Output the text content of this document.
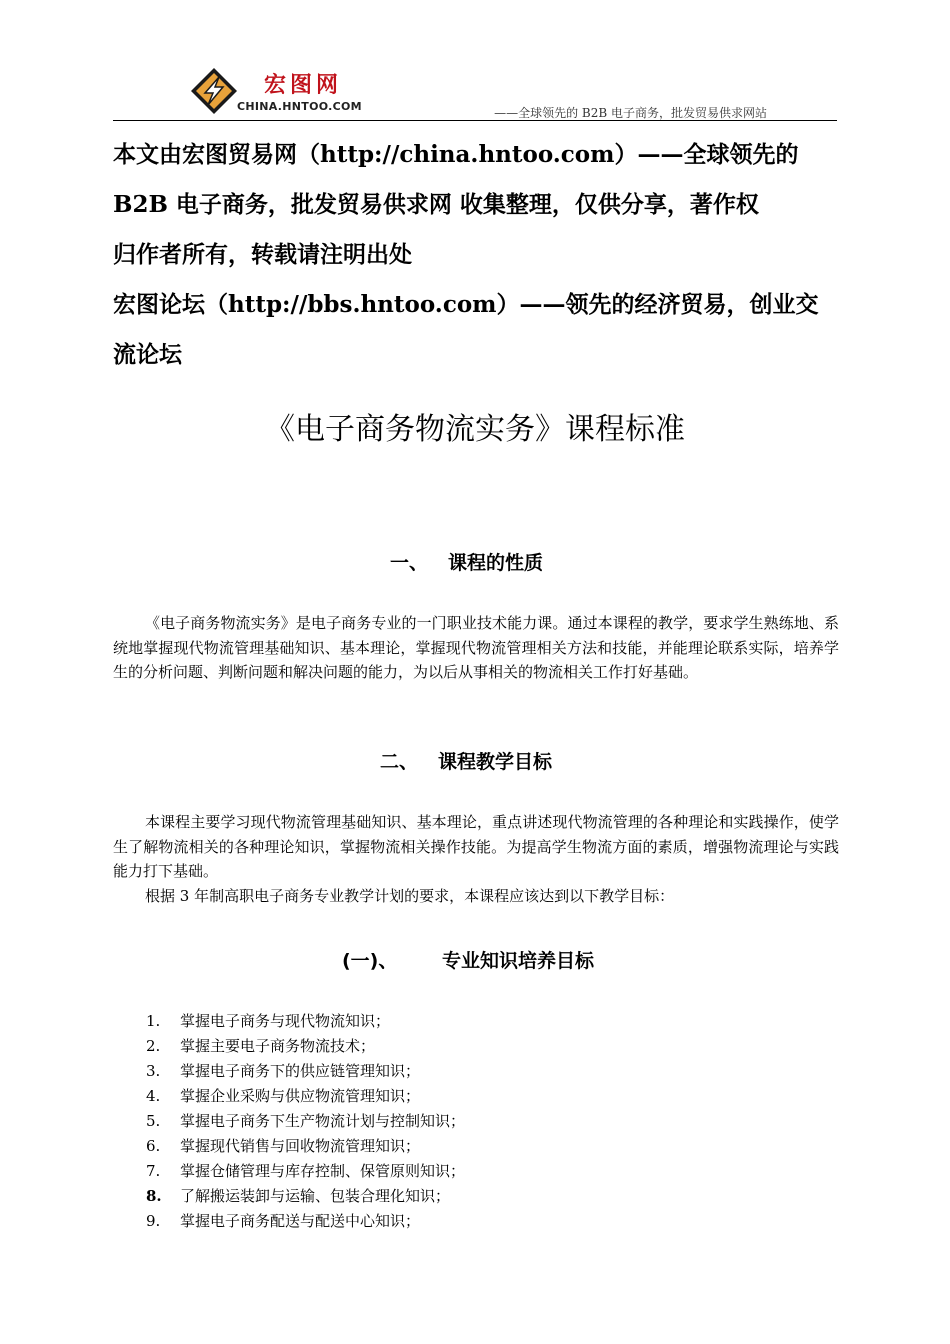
宏图网
CHINA.HNTOO.COM	——全球领先的 B2B 电子商务，批发贸易供求网站

本文由宏图贸易网（http://china.hntoo.com）——全球领先的

B2B 电子商务，批发贸易供求网 收集整理，仅供分享，著作权

归作者所有，转载请注明出处

宏图论坛（http://bbs.hntoo.com）——领先的经济贸易，创业交

流论坛

《电子商务物流实务》课程标准
一、 课程的性质
《电子商务物流实务》是电子商务专业的一门职业技术能力课。通过本课程的教学，要求学生熟练地、系统地掌握现代物流管理基础知识、基本理论，掌握现代物流管理相关方法和技能，并能理论联系实际，培养学生的分析问题、判断问题和解决问题的能力，为以后从事相关的物流相关工作打好基础。
二、 课程教学目标

本课程主要学习现代物流管理基础知识、基本理论，重点讲述现代物流管理的各种理论和实践操作，使学生了解物流相关的各种理论知识，掌握物流相关操作技能。为提高学生物流方面的素质，增强物流理论与实践能力打下基础。

根据 3 年制高职电子商务专业教学计划的要求，本课程应该达到以下教学目标：

(一)、 专业知识培养目标
1.	掌握电子商务与现代物流知识；
2.	掌握主要电子商务物流技术；
3.	掌握电子商务下的供应链管理知识；
4.	掌握企业采购与供应物流管理知识；
5.	掌握电子商务下生产物流计划与控制知识；
6.	掌握现代销售与回收物流管理知识；
7.	掌握仓储管理与库存控制、保管原则知识；
8.	了解搬运装卸与运输、包装合理化知识；
9.	掌握电子商务配送与配送中心知识；
